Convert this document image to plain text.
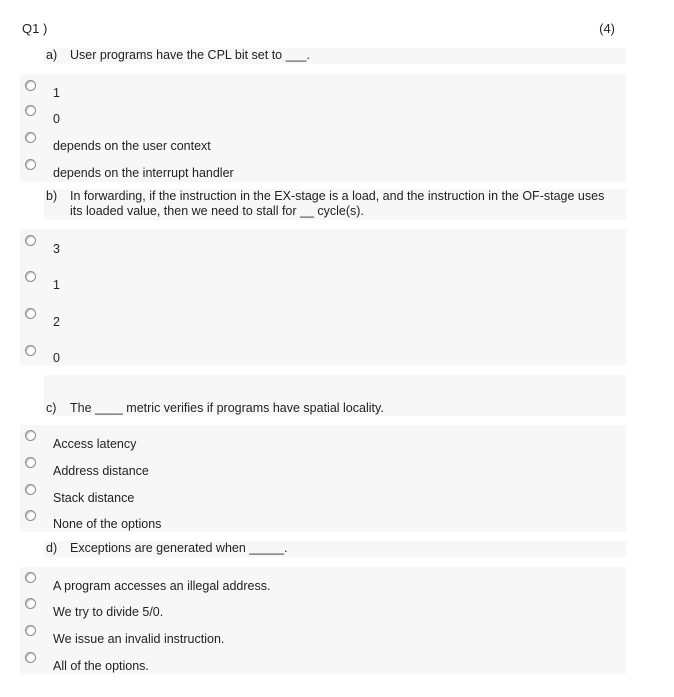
Q1 )	(4)
a) User programs have the CPL bit set to ___.
1
0
depends on the user context
depends on the interrupt handler
b) In forwarding, if the instruction in the EX-stage is a load, and the instruction in the OF-stage uses its loaded value, then we need to stall for __ cycle(s).
3
1
2
0
c) The ____ metric verifies if programs have spatial locality.
Access latency
Address distance
Stack distance
None of the options
d) Exceptions are generated when _____.
A program accesses an illegal address.
We try to divide 5/0.
We issue an invalid instruction.
All of the options.
